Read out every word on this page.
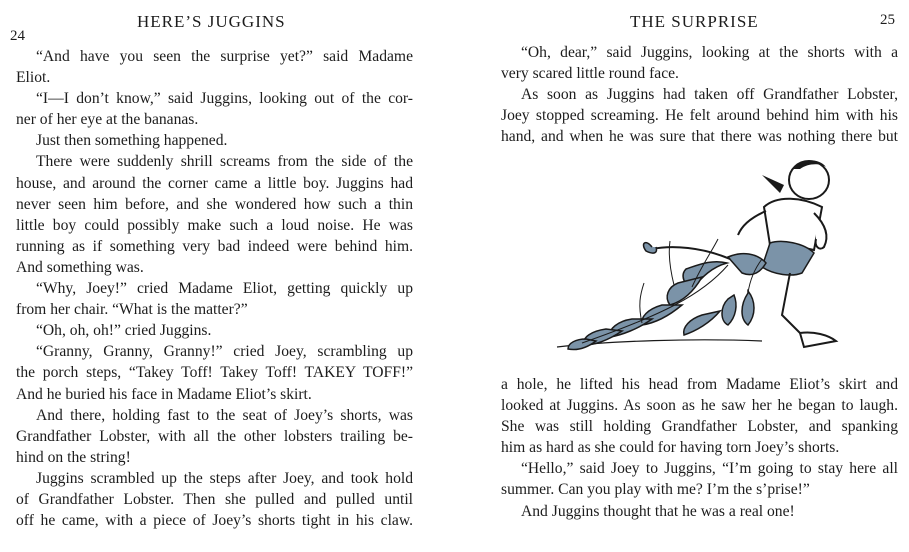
24
HERE’S JUGGINS
“And have you seen the surprise yet?” said Madame
Eliot.
“I—I don’t know,” said Juggins, looking out of the cor-
ner of her eye at the bananas.
Just then something happened.
There were suddenly shrill screams from the side of the
house, and around the corner came a little boy. Juggins had
never seen him before, and she wondered how such a thin
little boy could possibly make such a loud noise. He was
running as if something very bad indeed were behind him.
And something was.
“Why, Joey!” cried Madame Eliot, getting quickly up
from her chair. “What is the matter?”
“Oh, oh, oh!” cried Juggins.
“Granny, Granny, Granny!” cried Joey, scrambling up
the porch steps, “Takey Toff! Takey Toff! TAKEY TOFF!”
And he buried his face in Madame Eliot’s skirt.
And there, holding fast to the seat of Joey’s shorts, was
Grandfather Lobster, with all the other lobsters trailing be-
hind on the string!
Juggins scrambled up the steps after Joey, and took hold
of Grandfather Lobster. Then she pulled and pulled until
off he came, with a piece of Joey’s shorts tight in his claw.
THE SURPRISE	25
“Oh, dear,” said Juggins, looking at the shorts with a
very scared little round face.
As soon as Juggins had taken off Grandfather Lobster,
Joey stopped screaming. He felt around behind him with his
hand, and when he was sure that there was nothing there but
a hole, he lifted his head from Madame Eliot’s skirt and
looked at Juggins. As soon as he saw her he began to laugh.
She was still holding Grandfather Lobster, and spanking
him as hard as she could for having torn Joey’s shorts.
“Hello,” said Joey to Juggins, “I’m going to stay here all
summer. Can you play with me? I’m the s’prise!”
And Juggins thought that he was a real one!
